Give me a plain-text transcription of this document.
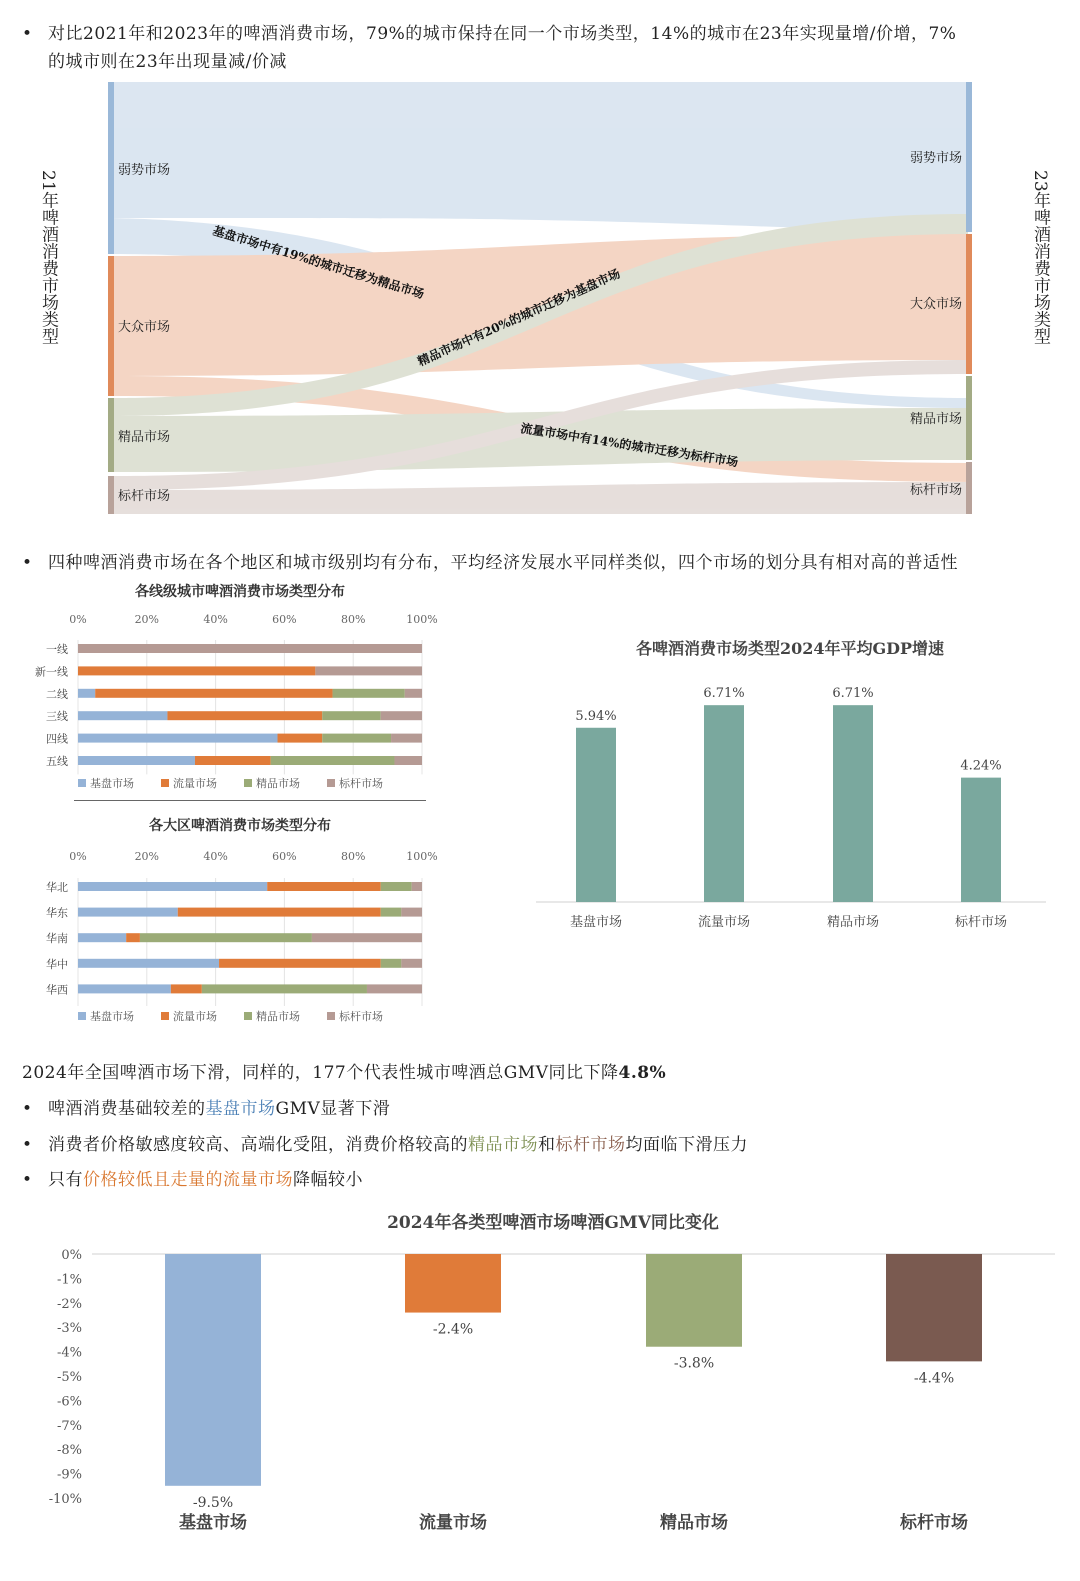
• 对比2021年和2023年的啤酒消费市场，79%的城市保持在同一个市场类型，14%的城市在23年实现量增/价增，7%
的城市则在23年出现量减/价减
弱势市场
大众市场
精品市场
标杆市场
弱势市场
大众市场
精品市场
标杆市场
基盘市场中有19%的城市迁移为精品市场
精品市场中有20%的城市迁移为基盘市场
流量市场中有14%的城市迁移为标杆市场
21年啤酒消费市场类型	23年啤酒消费市场类型
• 四种啤酒消费市场在各个地区和城市级别均有分布，平均经济发展水平同样类似，四个市场的划分具有相对高的普适性
各线级城市啤酒消费市场类型分布
0%	20%	40%	60%	80%	100%
一线
新一线
二线
三线
四线
五线
基盘市场	流量市场	精品市场	标杆市场
各大区啤酒消费市场类型分布
0%	20%	40%	60%	80%	100%
华北
华东
华南
华中
华西
基盘市场	流量市场	精品市场	标杆市场
各啤酒消费市场类型2024年平均GDP增速
5.94%
基盘市场
6.71%
流量市场
6.71%
精品市场
4.24%
标杆市场
2024年全国啤酒市场下滑，同样的，177个代表性城市啤酒总GMV同比下降4.8%
• 啤酒消费基础较差的基盘市场GMV显著下滑
• 消费者价格敏感度较高、高端化受阻，消费价格较高的精品市场和标杆市场均面临下滑压力
• 只有价格较低且走量的流量市场降幅较小
2024年各类型啤酒市场啤酒GMV同比变化
0%
-1%
-2%
-3%
-4%
-5%
-6%
-7%
-8%
-9%
-10%	-9.5%
基盘市场
-2.4%
流量市场
-3.8%
精品市场
-4.4%
标杆市场
